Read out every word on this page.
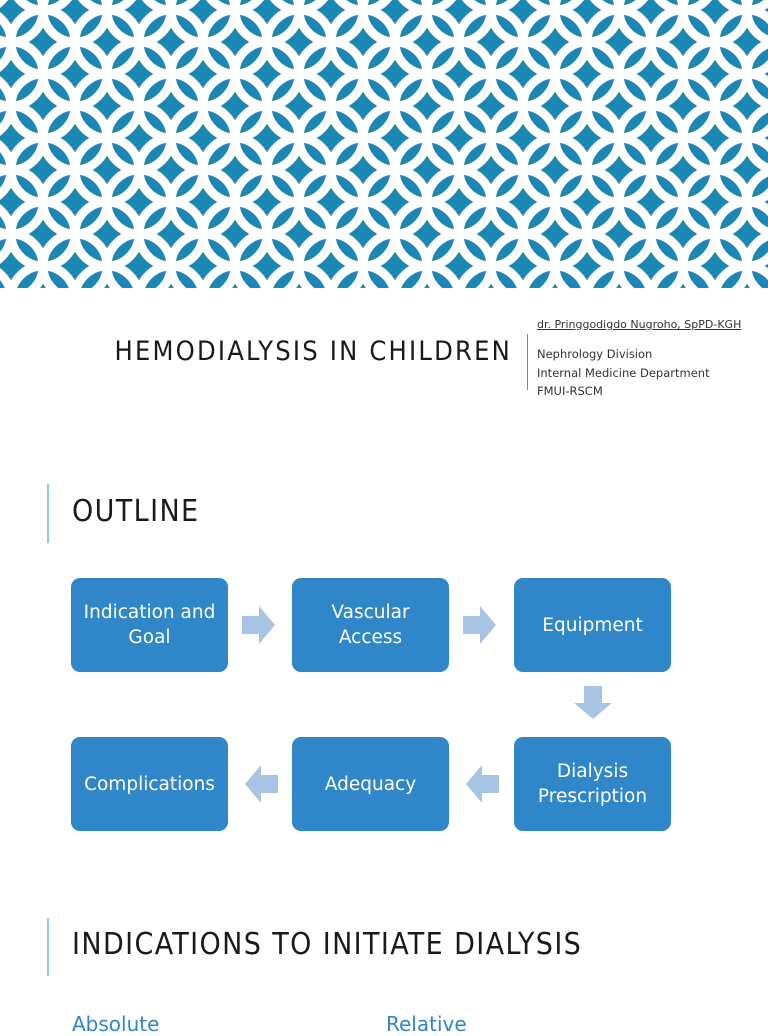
HEMODIALYSIS IN CHILDREN
dr. Pringgodigdo Nugroho, SpPD-KGH
Nephrology Division
Internal Medicine Department
FMUI-RSCM
OUTLINE
Indication and Goal
Vascular Access
Equipment
Dialysis Prescription
Adequacy
Complications
INDICATIONS TO INITIATE DIALYSIS
Absolute	Relative
